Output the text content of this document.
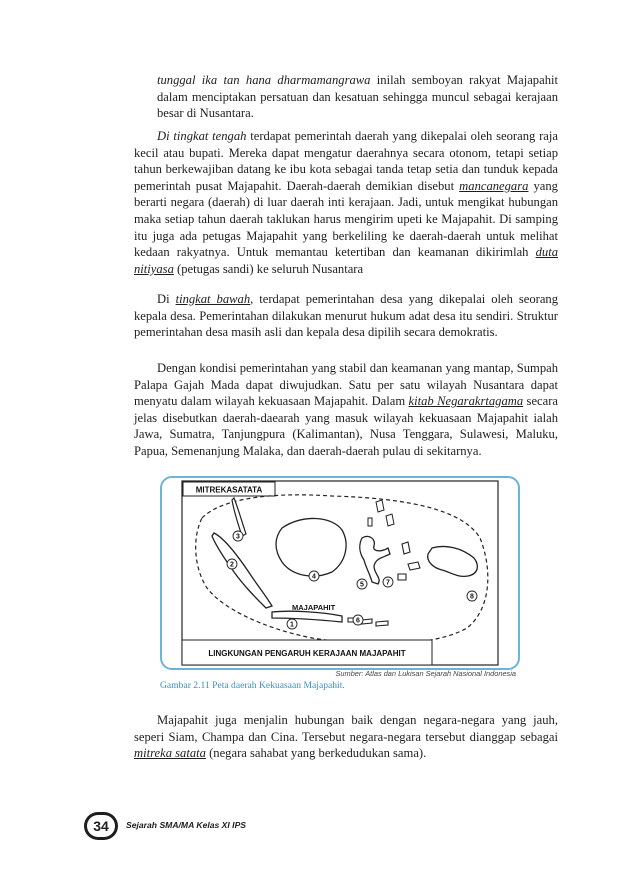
tunggal ika tan hana dharmamangrawa inilah semboyan rakyat Majapahit dalam menciptakan persatuan dan kesatuan sehingga muncul sebagai kerajaan besar di Nusantara.

Di tingkat tengah terdapat pemerintah daerah yang dikepalai oleh seorang raja kecil atau bupati. Mereka dapat mengatur daerahnya secara otonom, tetapi setiap tahun berkewajiban datang ke ibu kota sebagai tanda tetap setia dan tunduk kepada pemerintah pusat Majapahit. Daerah-daerah demikian disebut mancanegara yang berarti negara (daerah) di luar daerah inti kerajaan. Jadi, untuk mengikat hubungan maka setiap tahun daerah taklukan harus mengirim upeti ke Majapahit. Di samping itu juga ada petugas Majapahit yang berkeliling ke daerah-daerah untuk melihat kedaan rakyatnya. Untuk memantau ketertiban dan keamanan dikirimlah duta nitiyasa (petugas sandi) ke seluruh Nusantara

Di tingkat bawah, terdapat pemerintahan desa yang dikepalai oleh seorang kepala desa. Pemerintahan dilakukan menurut hukum adat desa itu sendiri. Struktur pemerintahan desa masih asli dan kepala desa dipilih secara demokratis.

Dengan kondisi pemerintahan yang stabil dan keamanan yang mantap, Sumpah Palapa Gajah Mada dapat diwujudkan. Satu per satu wilayah Nusantara dapat menyatu dalam wilayah kekuasaan Majapahit. Dalam kitab Negarakrtagama secara jelas disebutkan daerah-daearah yang masuk wilayah kekuasaan Majapahit ialah Jawa, Sumatra, Tanjungpura (Kalimantan), Nusa Tenggara, Sulawesi, Maluku, Papua, Semenanjung Malaka, dan daerah-daerah pulau di sekitarnya.

MITREKASATATA
3
2
4
5	7
8
6
1
MAJAPAHIT
LINGKUNGAN PENGARUH KERAJAAN MAJAPAHIT
Sumber: Atlas dan Lukisan Sejarah Nasional Indonesia
Gambar 2.11 Peta daerah Kekuasaan Majapahit.

Majapahit juga menjalin hubungan baik dengan negara-negara yang jauh, seperi Siam, Champa dan Cina. Tersebut negara-negara tersebut dianggap sebagai mitreka satata (negara sahabat yang berkedudukan sama).

34	Sejarah SMA/MA Kelas XI IPS
